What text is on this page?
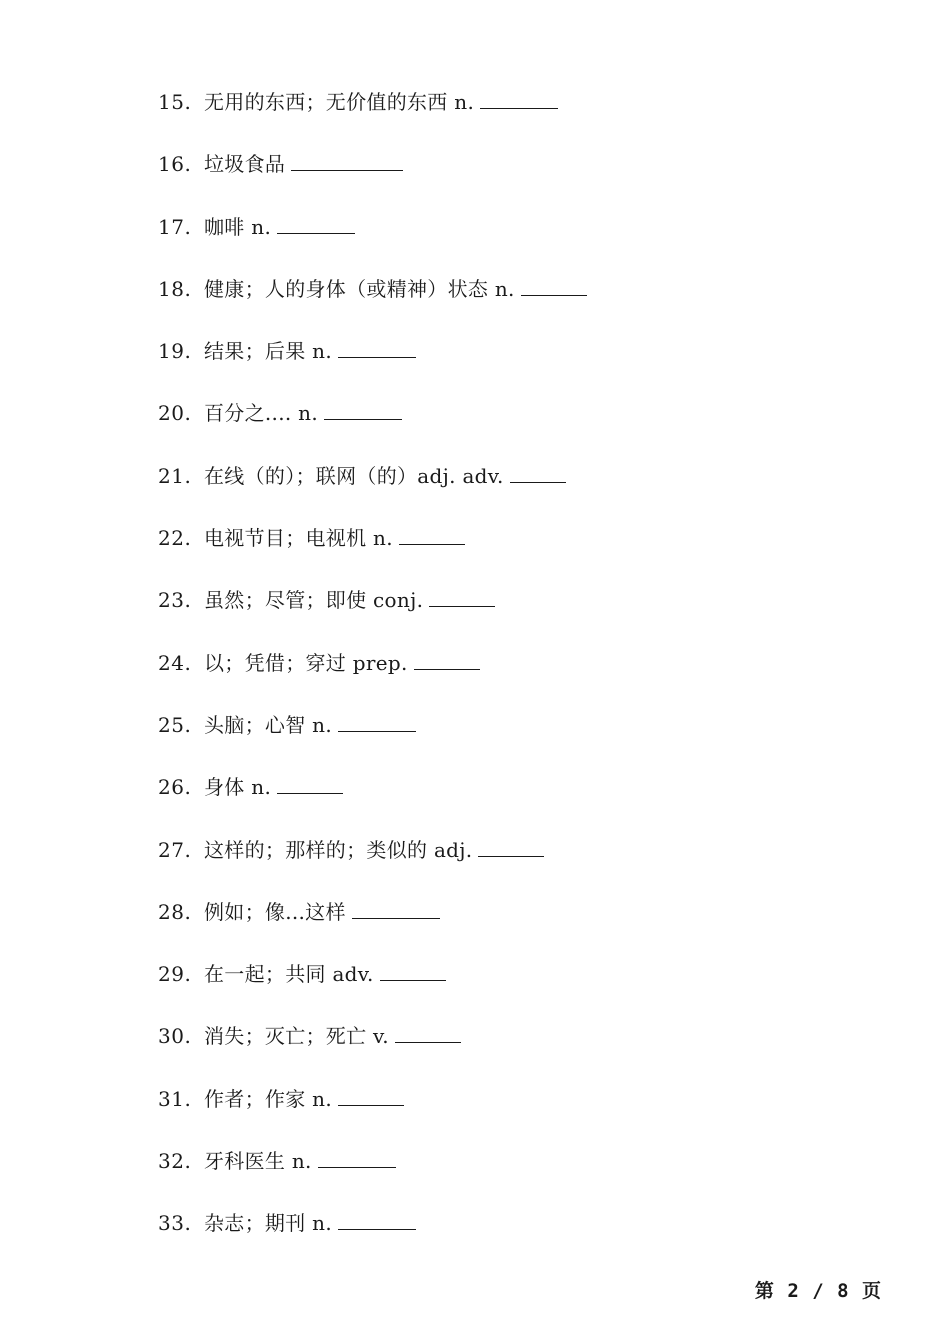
15. 无用的东西；无价值的东西 n.
16. 垃圾食品
17. 咖啡 n.
18. 健康；人的身体（或精神）状态 n.
19. 结果；后果 n.
20. 百分之.... n.
21. 在线（的）；联网（的）adj. adv.
22. 电视节目；电视机 n.
23. 虽然；尽管；即使 conj.
24. 以；凭借；穿过 prep.
25. 头脑；心智 n.
26. 身体 n.
27. 这样的；那样的；类似的 adj.
28. 例如；像...这样
29. 在一起；共同 adv.
30. 消失；灭亡；死亡 v.
31. 作者；作家 n.
32. 牙科医生 n.
33. 杂志；期刊 n.
第 2 / 8 页
